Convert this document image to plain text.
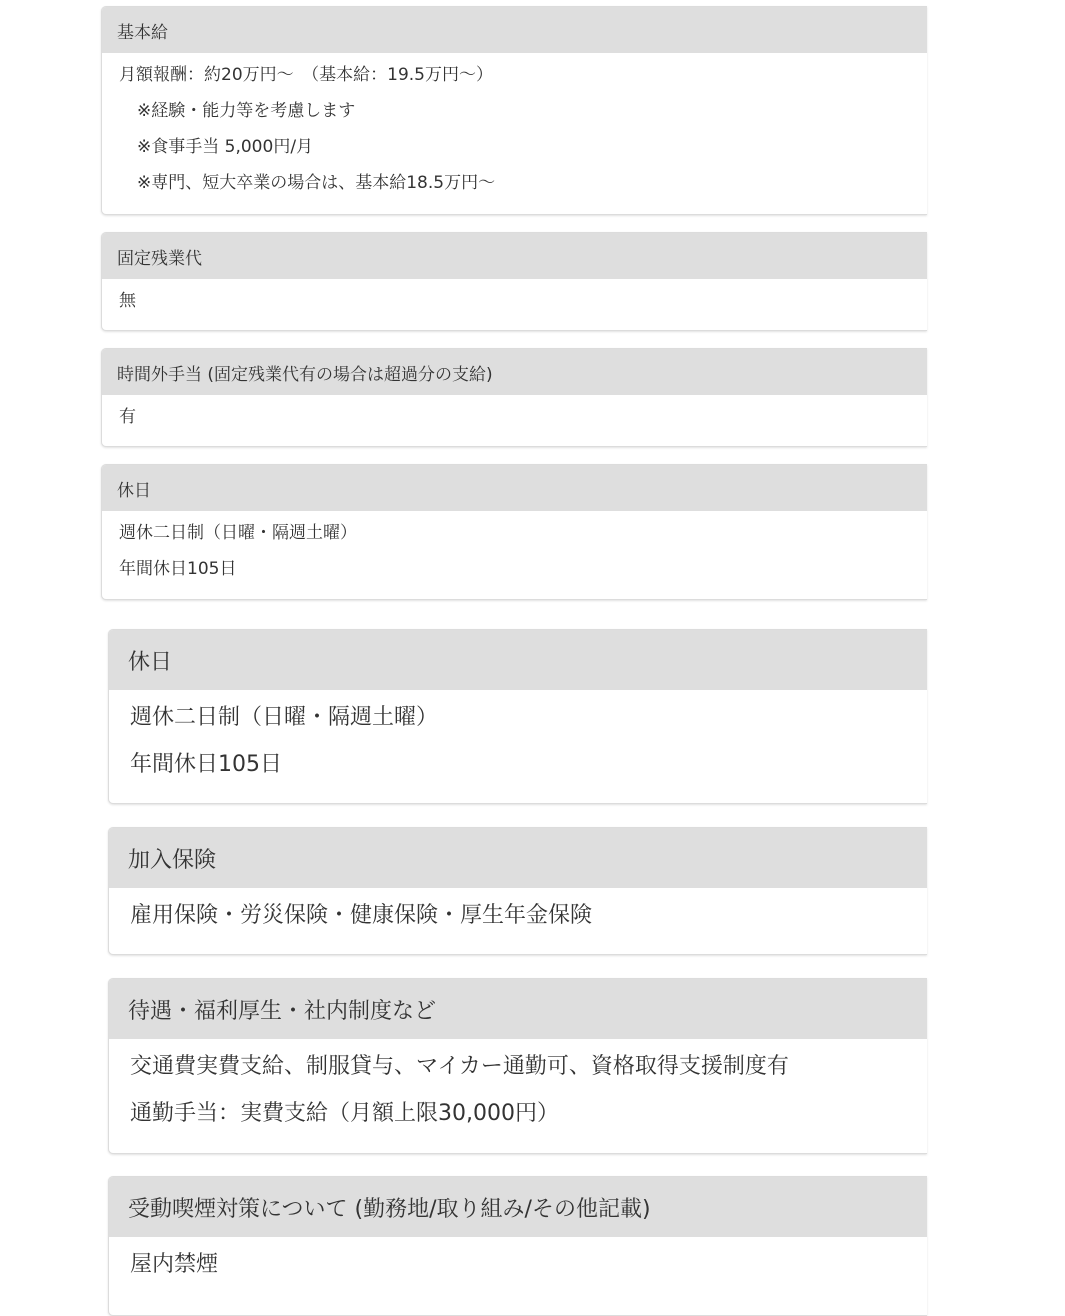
基本給
月額報酬：約20万円～　（基本給：19.5万円～）
※経験・能力等を考慮します
※食事手当 5,000円/月
※専門、短大卒業の場合は、基本給18.5万円～
固定残業代
無
時間外手当 (固定残業代有の場合は超過分の支給)
有
休日
週休二日制（日曜・隔週土曜）
年間休日105日
休日
週休二日制（日曜・隔週土曜）
年間休日105日
加入保険
雇用保険・労災保険・健康保険・厚生年金保険
待遇・福利厚生・社内制度など
交通費実費支給、制服貸与、マイカー通勤可、資格取得支援制度有
通勤手当：実費支給（月額上限30,000円）
受動喫煙対策について (勤務地/取り組み/その他記載)
屋内禁煙
